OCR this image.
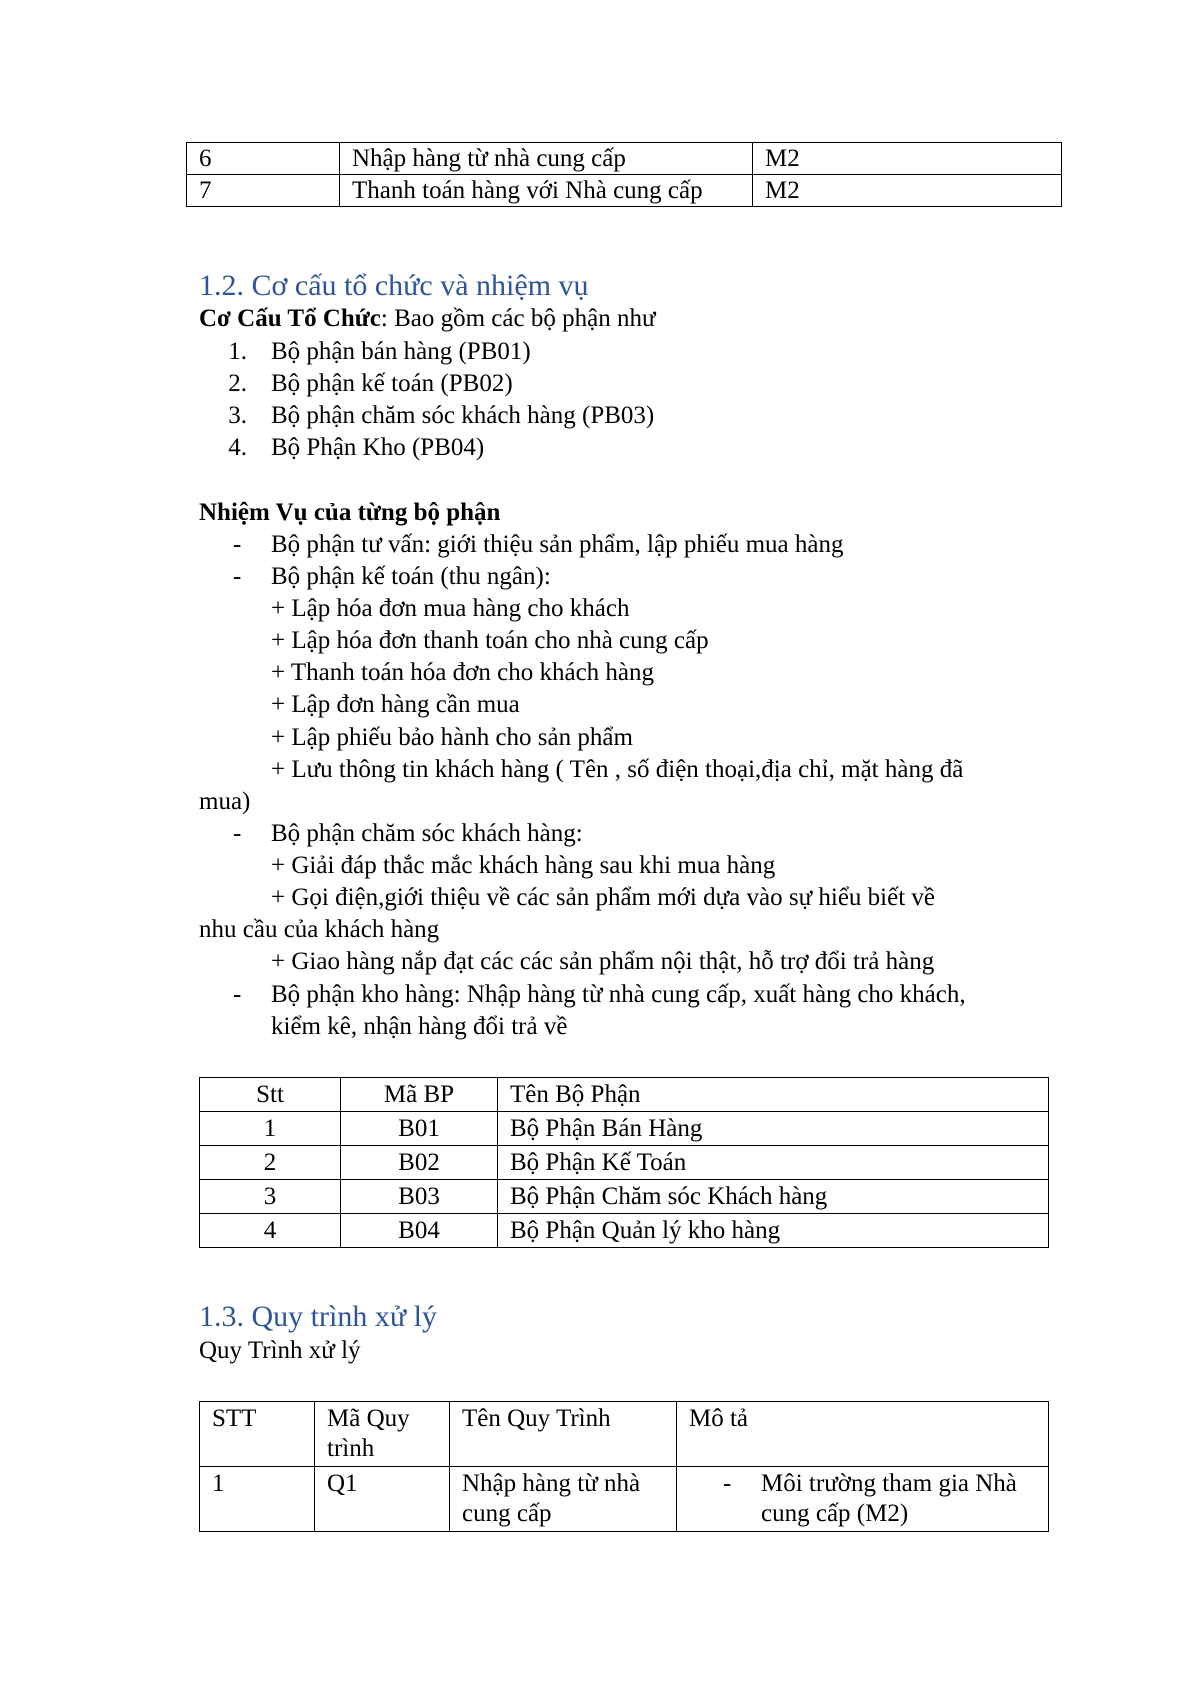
6	Nhập hàng từ nhà cung cấp	M2
7	Thanh toán hàng với Nhà cung cấp	M2
1.2. Cơ cấu tổ chức và nhiệm vụ
Cơ Cấu Tổ Chức: Bao gồm các bộ phận như
1. Bộ phận bán hàng (PB01)
2. Bộ phận kế toán (PB02)
3. Bộ phận chăm sóc khách hàng (PB03)
4. Bộ Phận Kho (PB04)
Nhiệm Vụ của từng bộ phận
- Bộ phận tư vấn: giới thiệu sản phẩm, lập phiếu mua hàng
- Bộ phận kế toán (thu ngân):
+ Lập hóa đơn mua hàng cho khách
+ Lập hóa đơn thanh toán cho nhà cung cấp
+ Thanh toán hóa đơn cho khách hàng
+ Lập đơn hàng cần mua
+ Lập phiếu bảo hành cho sản phẩm
+ Lưu thông tin khách hàng ( Tên , số điện thoại,địa chỉ, mặt hàng đã
mua)
- Bộ phận chăm sóc khách hàng:
+ Giải đáp thắc mắc khách hàng sau khi mua hàng
+ Gọi điện,giới thiệu về các sản phẩm mới dựa vào sự hiểu biết về
nhu cầu của khách hàng
+ Giao hàng nắp đạt các các sản phẩm nội thật, hỗ trợ đổi trả hàng
- Bộ phận kho hàng: Nhập hàng từ nhà cung cấp, xuất hàng cho khách,
kiểm kê, nhận hàng đổi trả về
Stt	Mã BP	Tên Bộ Phận
1	B01	Bộ Phận Bán Hàng
2	B02	Bộ Phận Kế Toán
3	B03	Bộ Phận Chăm sóc Khách hàng
4	B04	Bộ Phận Quản lý kho hàng
1.3. Quy trình xử lý
Quy Trình xử lý
STT	Mã Quy trình	Tên Quy Trình	Mô tả
1	Q1	Nhập hàng từ nhà cung cấp	- Môi trường tham gia Nhà cung cấp (M2)
